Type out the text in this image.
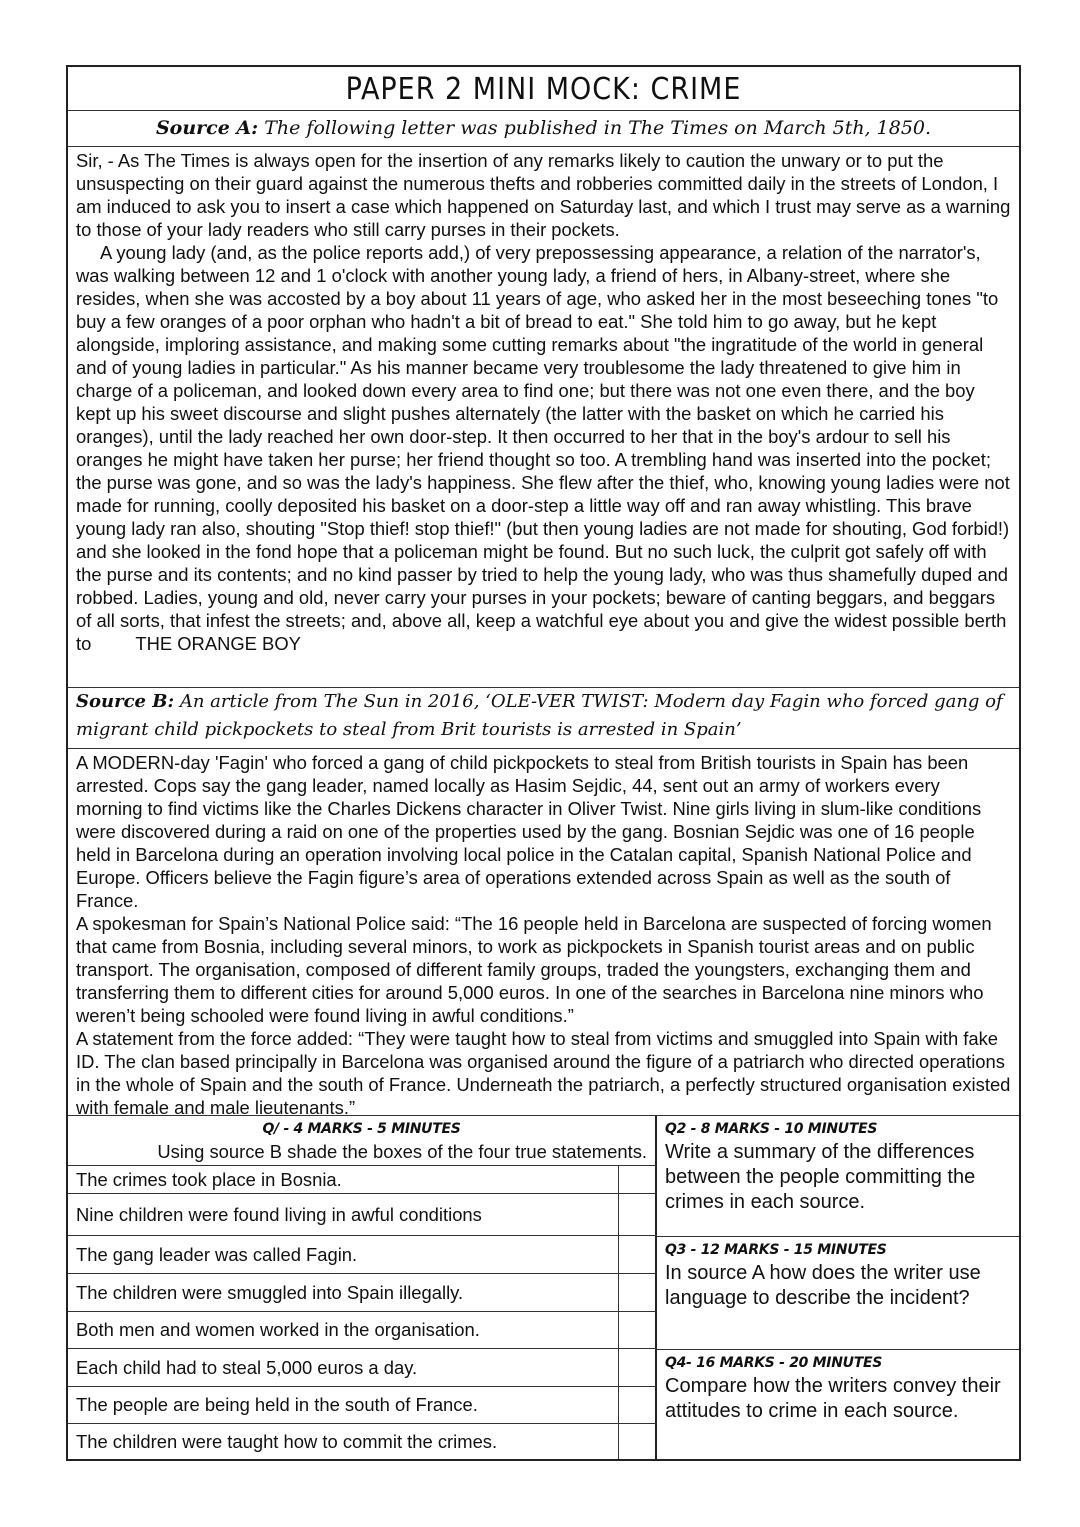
PAPER 2 MINI MOCK: CRIME
Source A: The following letter was published in The Times on March 5th, 1850.

Sir, - As The Times is always open for the insertion of any remarks likely to caution the unwary or to put the unsuspecting on their guard against the numerous thefts and robberies committed daily in the streets of London, I am induced to ask you to insert a case which happened on Saturday last, and which I trust may serve as a warning to those of your lady readers who still carry purses in their pockets.

A young lady (and, as the police reports add,) of very prepossessing appearance, a relation of the narrator's, was walking between 12 and 1 o'clock with another young lady, a friend of hers, in Albany-street, where she resides, when she was accosted by a boy about 11 years of age, who asked her in the most beseeching tones "to buy a few oranges of a poor orphan who hadn't a bit of bread to eat." She told him to go away, but he kept alongside, imploring assistance, and making some cutting remarks about "the ingratitude of the world in general and of young ladies in particular." As his manner became very troublesome the lady threatened to give him in charge of a policeman, and looked down every area to find one; but there was not one even there, and the boy kept up his sweet discourse and slight pushes alternately (the latter with the basket on which he carried his oranges), until the lady reached her own door-step. It then occurred to her that in the boy's ardour to sell his oranges he might have taken her purse; her friend thought so too. A trembling hand was inserted into the pocket; the purse was gone, and so was the lady's happiness. She flew after the thief, who, knowing young ladies were not made for running, coolly deposited his basket on a door-step a little way off and ran away whistling. This brave young lady ran also, shouting "Stop thief! stop thief!" (but then young ladies are not made for shouting, God forbid!) and she looked in the fond hope that a policeman might be found. But no such luck, the culprit got safely off with the purse and its contents; and no kind passer by tried to help the young lady, who was thus shamefully duped and robbed. Ladies, young and old, never carry your purses in your pockets; beware of canting beggars, and beggars of all sorts, that infest the streets; and, above all, keep a watchful eye about you and give the widest possible berth to THE ORANGE BOY

Source B: An article from The Sun in 2016, ‘OLE-VER TWIST: Modern day Fagin who forced gang of migrant child pickpockets to steal from Brit tourists is arrested in Spain’

A MODERN-day 'Fagin' who forced a gang of child pickpockets to steal from British tourists in Spain has been arrested. Cops say the gang leader, named locally as Hasim Sejdic, 44, sent out an army of workers every morning to find victims like the Charles Dickens character in Oliver Twist. Nine girls living in slum-like conditions were discovered during a raid on one of the properties used by the gang. Bosnian Sejdic was one of 16 people held in Barcelona during an operation involving local police in the Catalan capital, Spanish National Police and Europe. Officers believe the Fagin figure’s area of operations extended across Spain as well as the south of France.

A spokesman for Spain’s National Police said: “The 16 people held in Barcelona are suspected of forcing women that came from Bosnia, including several minors, to work as pickpockets in Spanish tourist areas and on public transport. The organisation, composed of different family groups, traded the youngsters, exchanging them and transferring them to different cities for around 5,000 euros. In one of the searches in Barcelona nine minors who weren’t being schooled were found living in awful conditions.”

A statement from the force added: “They were taught how to steal from victims and smuggled into Spain with fake ID. The clan based principally in Barcelona was organised around the figure of a patriarch who directed operations in the whole of Spain and the south of France. Underneath the patriarch, a perfectly structured organisation existed with female and male lieutenants.”

Q/ - 4 MARKS - 5 MINUTES
Using source B shade the boxes of the four true statements.
The crimes took place in Bosnia.
Nine children were found living in awful conditions
The gang leader was called Fagin.
The children were smuggled into Spain illegally.
Both men and women worked in the organisation.
Each child had to steal 5,000 euros a day.
The people are being held in the south of France.
The children were taught how to commit the crimes.
Q2 - 8 MARKS - 10 MINUTES
Write a summary of the differences between the people committing the crimes in each source.
Q3 - 12 MARKS - 15 MINUTES
In source A how does the writer use language to describe the incident?
Q4- 16 MARKS - 20 MINUTES
Compare how the writers convey their attitudes to crime in each source.
